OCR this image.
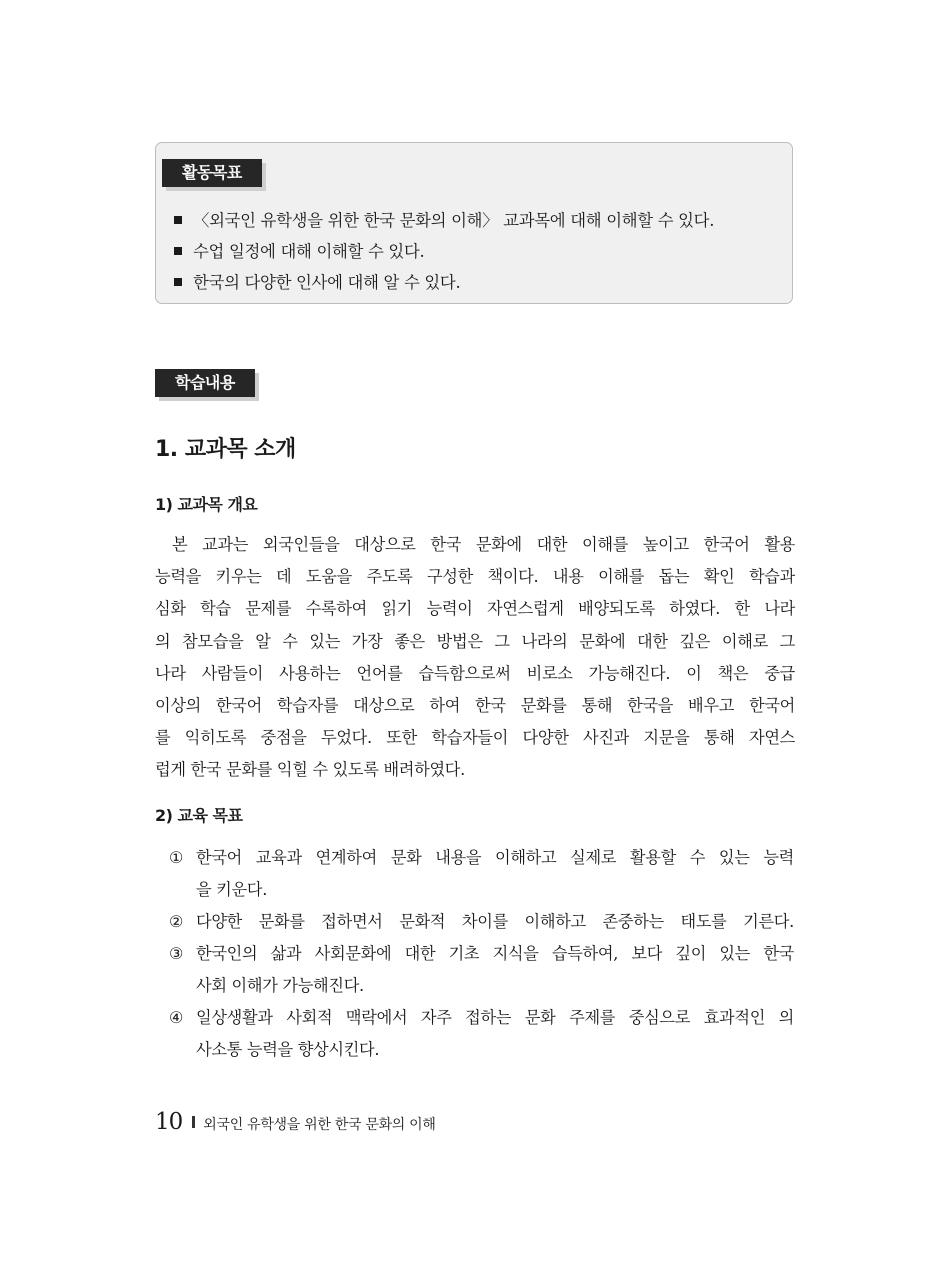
활동목표
〈외국인 유학생을 위한 한국 문화의 이해〉 교과목에 대해 이해할 수 있다.
수업 일정에 대해 이해할 수 있다.
한국의 다양한 인사에 대해 알 수 있다.
학습내용
1. 교과목 소개
1) 교과목 개요
본 교과는 외국인들을 대상으로 한국 문화에 대한 이해를 높이고 한국어 활용
능력을 키우는 데 도움을 주도록 구성한 책이다. 내용 이해를 돕는 확인 학습과
심화 학습 문제를 수록하여 읽기 능력이 자연스럽게 배양되도록 하였다. 한 나라
의 참모습을 알 수 있는 가장 좋은 방법은 그 나라의 문화에 대한 깊은 이해로 그
나라 사람들이 사용하는 언어를 습득함으로써 비로소 가능해진다. 이 책은 중급
이상의 한국어 학습자를 대상으로 하여 한국 문화를 통해 한국을 배우고 한국어
를 익히도록 중점을 두었다. 또한 학습자들이 다양한 사진과 지문을 통해 자연스
럽게 한국 문화를 익힐 수 있도록 배려하였다.
2) 교육 목표
① 한국어 교육과 연계하여 문화 내용을 이해하고 실제로 활용할 수 있는 능력
을 키운다.
② 다양한 문화를 접하면서 문화적 차이를 이해하고 존중하는 태도를 기른다.
③ 한국인의 삶과 사회문화에 대한 기초 지식을 습득하여, 보다 깊이 있는 한국
사회 이해가 가능해진다.
④ 일상생활과 사회적 맥락에서 자주 접하는 문화 주제를 중심으로 효과적인 의
사소통 능력을 향상시킨다.
10 외국인 유학생을 위한 한국 문화의 이해
